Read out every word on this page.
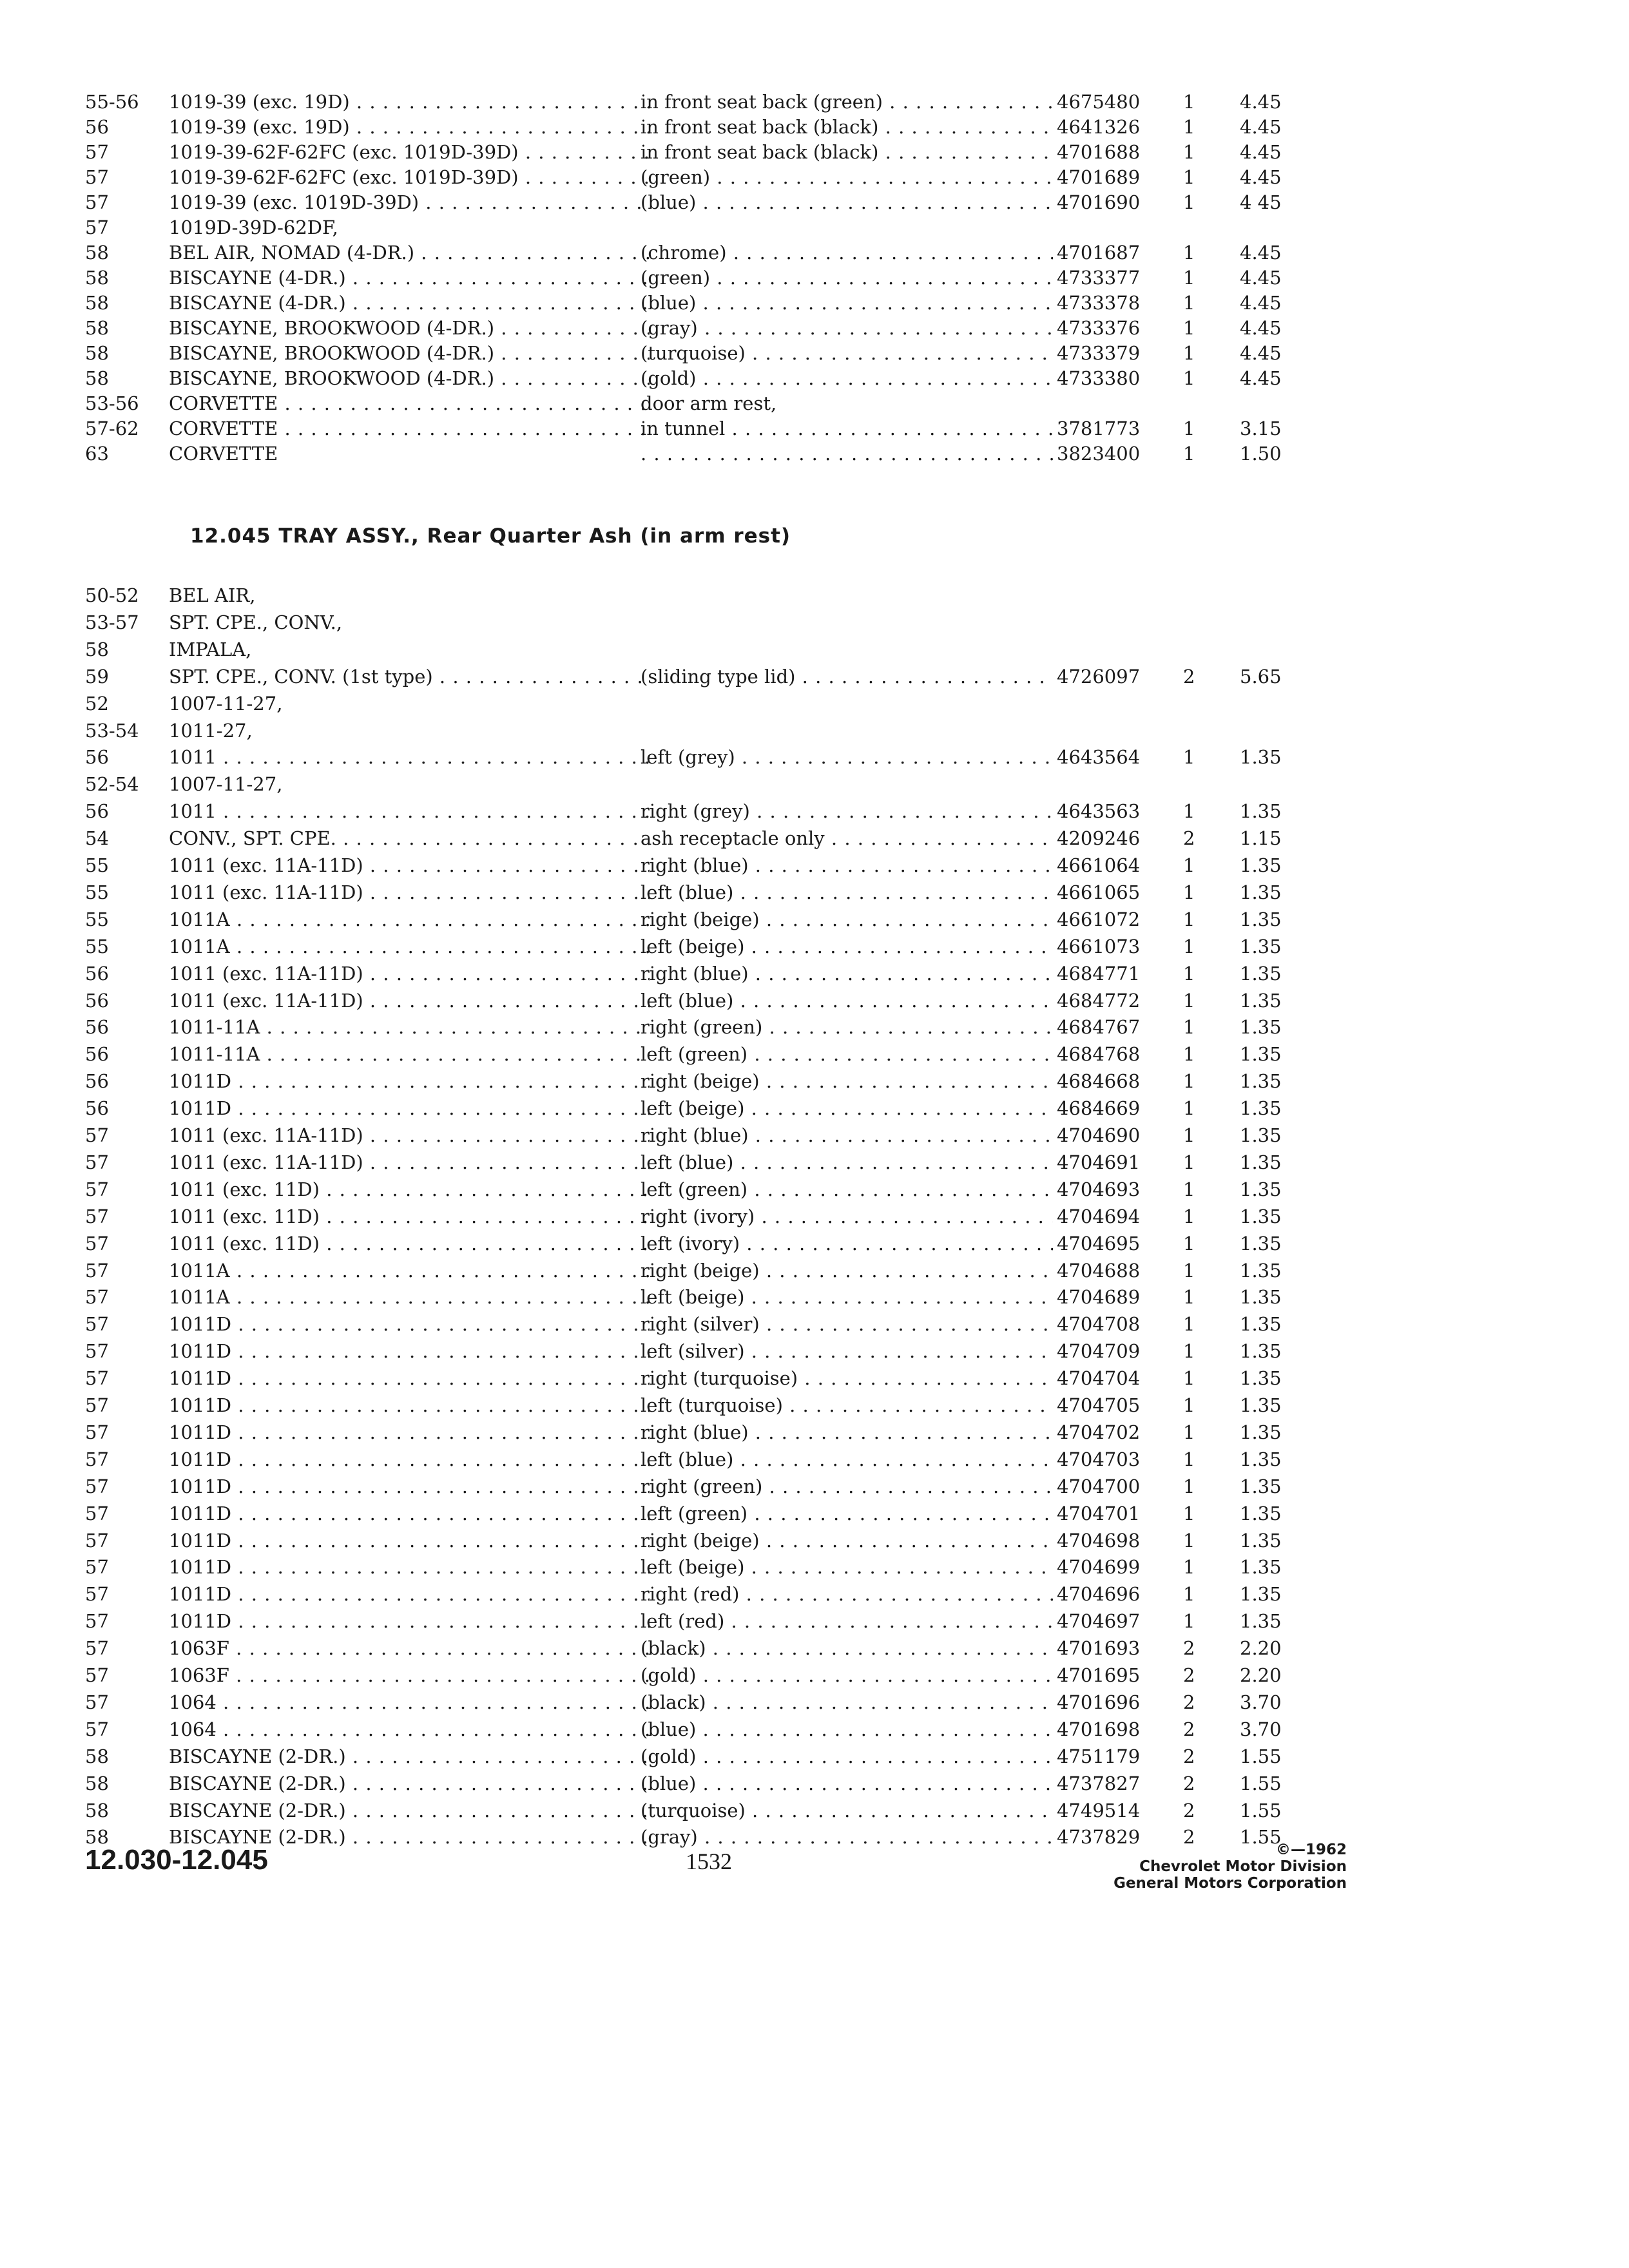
55-56	1019-39 (exc. 19D) . . .	in front seat back (green) . . .	4675480	1	4.45
56	1019-39 (exc. 19D) . . .	in front seat back (black) . . .	4641326	1	4.45
57	1019-39-62F-62FC (exc. 1019D-39D) . . .	in front seat back (black) . . .	4701688	1	4.45
57	1019-39-62F-62FC (exc. 1019D-39D) . . .	(green) . . .	4701689	1	4.45
57	1019-39 (exc. 1019D-39D) . . .	(blue) . . .	4701690	1	4 45
57	1019D-39D-62DF,
58	BEL AIR, NOMAD (4-DR.) . . .	(chrome) . . .	4701687	1	4.45
58	BISCAYNE (4-DR.) . . .	(green) . . .	4733377	1	4.45
58	BISCAYNE (4-DR.) . . .	(blue) . . .	4733378	1	4.45
58	BISCAYNE, BROOKWOOD (4-DR.) . . .	(gray) . . .	4733376	1	4.45
58	BISCAYNE, BROOKWOOD (4-DR.) . . .	(turquoise) . . .	4733379	1	4.45
58	BISCAYNE, BROOKWOOD (4-DR.) . . .	(gold) . . .	4733380	1	4.45
53-56	CORVETTE . . .	door arm rest,
57-62	CORVETTE . . .	in tunnel . . .	3781773	1	3.15
63	CORVETTE
. . .	3823400	1	1.50
12.045 TRAY ASSY., Rear Quarter Ash (in arm rest)
50-52	BEL AIR,
53-57	SPT. CPE., CONV.,
58	IMPALA,
59	SPT. CPE., CONV. (1st type) . . .	(sliding type lid) . . .	4726097	2	5.65
52	1007-11-27,
53-54	1011-27,
56	1011 . . .	left (grey) . . .	4643564	1	1.35
52-54	1007-11-27,
56	1011 . . .	right (grey) . . .	4643563	1	1.35
54	CONV., SPT. CPE. . . .	ash receptacle only . . .	4209246	2	1.15
55	1011 (exc. 11A-11D) . . .	right (blue) . . .	4661064	1	1.35
55	1011 (exc. 11A-11D) . . .	left (blue) . . .	4661065	1	1.35
55	1011A . . .	right (beige) . . .	4661072	1	1.35
55	1011A . . .	left (beige) . . .	4661073	1	1.35
56	1011 (exc. 11A-11D) . . .	right (blue) . . .	4684771	1	1.35
56	1011 (exc. 11A-11D) . . .	left (blue) . . .	4684772	1	1.35
56	1011-11A . . .	right (green) . . .	4684767	1	1.35
56	1011-11A . . .	left (green) . . .	4684768	1	1.35
56	1011D . . .	right (beige) . . .	4684668	1	1.35
56	1011D . . .	left (beige) . . .	4684669	1	1.35
57	1011 (exc. 11A-11D) . . .	right (blue) . . .	4704690	1	1.35
57	1011 (exc. 11A-11D) . . .	left (blue) . . .	4704691	1	1.35
57	1011 (exc. 11D) . . .	left (green) . . .	4704693	1	1.35
57	1011 (exc. 11D) . . .	right (ivory) . . .	4704694	1	1.35
57	1011 (exc. 11D) . . .	left (ivory) . . .	4704695	1	1.35
57	1011A . . .	right (beige) . . .	4704688	1	1.35
57	1011A . . .	left (beige) . . .	4704689	1	1.35
57	1011D . . .	right (silver) . . .	4704708	1	1.35
57	1011D . . .	left (silver) . . .	4704709	1	1.35
57	1011D . . .	right (turquoise) . . .	4704704	1	1.35
57	1011D . . .	left (turquoise) . . .	4704705	1	1.35
57	1011D . . .	right (blue) . . .	4704702	1	1.35
57	1011D . . .	left (blue) . . .	4704703	1	1.35
57	1011D . . .	right (green) . . .	4704700	1	1.35
57	1011D . . .	left (green) . . .	4704701	1	1.35
57	1011D . . .	right (beige) . . .	4704698	1	1.35
57	1011D . . .	left (beige) . . .	4704699	1	1.35
57	1011D . . .	right (red) . . .	4704696	1	1.35
57	1011D . . .	left (red) . . .	4704697	1	1.35
57	1063F . . .	(black) . . .	4701693	2	2.20
57	1063F . . .	(gold) . . .	4701695	2	2.20
57	1064 . . .	(black) . . .	4701696	2	3.70
57	1064 . . .	(blue) . . .	4701698	2	3.70
58	BISCAYNE (2-DR.) . . .	(gold) . . .	4751179	2	1.55
58	BISCAYNE (2-DR.) . . .	(blue) . . .	4737827	2	1.55
58	BISCAYNE (2-DR.) . . .	(turquoise) . . .	4749514	2	1.55
58	BISCAYNE (2-DR.) . . .	(gray) . . .	4737829	2	1.55
12.030-12.045	1532	©—1962
Chevrolet Motor Division
General Motors Corporation
